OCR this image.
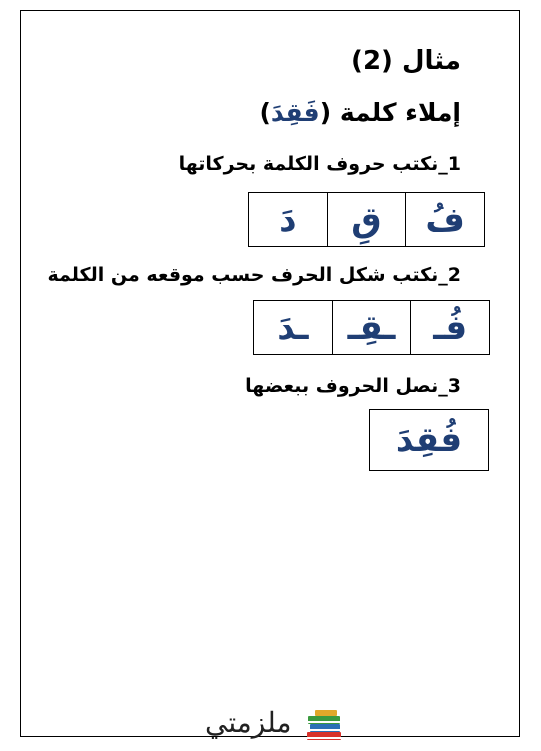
مثال (2)
إملاء كلمة (فَقِدَ)
1_نكتب حروف الكلمة بحركاتها
فُ
قِ
دَ
2_نكتب شكل الحرف حسب موقعه من الكلمة
فُـ
ـقِـ
ـدَ
3_نصل الحروف ببعضها
فُقِدَ
ملزمتي
